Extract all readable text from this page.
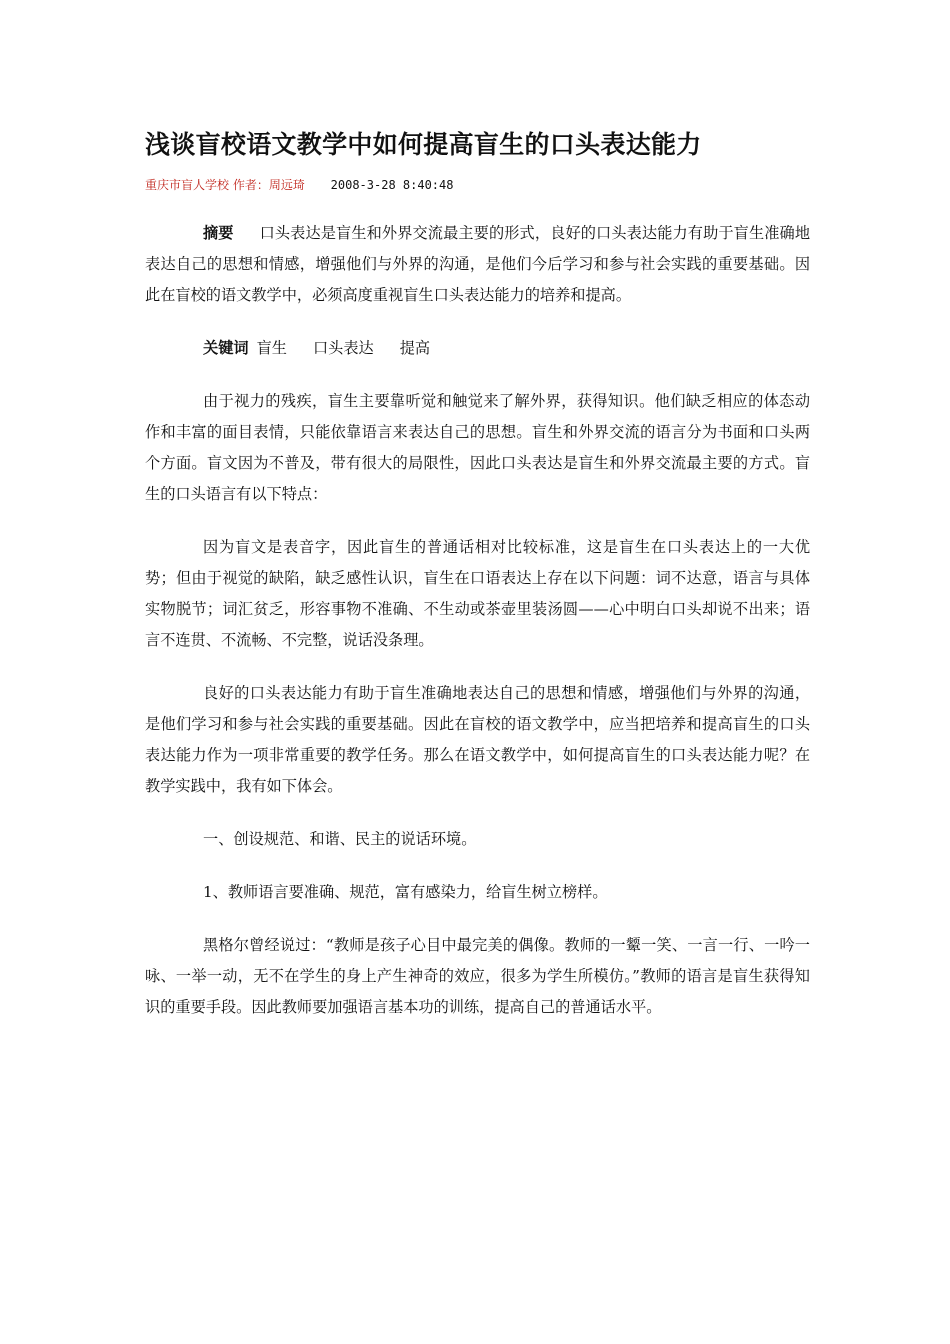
浅谈盲校语文教学中如何提高盲生的口头表达能力
重庆市盲人学校 作者：周远琦 2008-3-28 8:40:48

摘要 口头表达是盲生和外界交流最主要的形式，良好的口头表达能力有助于盲生准确地表达自己的思想和情感，增强他们与外界的沟通，是他们今后学习和参与社会实践的重要基础。因此在盲校的语文教学中，必须高度重视盲生口头表达能力的培养和提高。

关键词 盲生 口头表达 提高

由于视力的残疾，盲生主要靠听觉和触觉来了解外界，获得知识。他们缺乏相应的体态动作和丰富的面目表情，只能依靠语言来表达自己的思想。盲生和外界交流的语言分为书面和口头两个方面。盲文因为不普及，带有很大的局限性，因此口头表达是盲生和外界交流最主要的方式。盲生的口头语言有以下特点：

因为盲文是表音字，因此盲生的普通话相对比较标准，这是盲生在口头表达上的一大优势；但由于视觉的缺陷，缺乏感性认识，盲生在口语表达上存在以下问题：词不达意，语言与具体实物脱节；词汇贫乏，形容事物不准确、不生动或茶壶里装汤圆——心中明白口头却说不出来；语言不连贯、不流畅、不完整，说话没条理。

良好的口头表达能力有助于盲生准确地表达自己的思想和情感，增强他们与外界的沟通，是他们学习和参与社会实践的重要基础。因此在盲校的语文教学中，应当把培养和提高盲生的口头表达能力作为一项非常重要的教学任务。那么在语文教学中，如何提高盲生的口头表达能力呢？在教学实践中，我有如下体会。

一、创设规范、和谐、民主的说话环境。

1、教师语言要准确、规范，富有感染力，给盲生树立榜样。

黑格尔曾经说过：“教师是孩子心目中最完美的偶像。教师的一颦一笑、一言一行、一吟一咏、一举一动，无不在学生的身上产生神奇的效应，很多为学生所模仿。”教师的语言是盲生获得知识的重要手段。因此教师要加强语言基本功的训练，提高自己的普通话水平。
